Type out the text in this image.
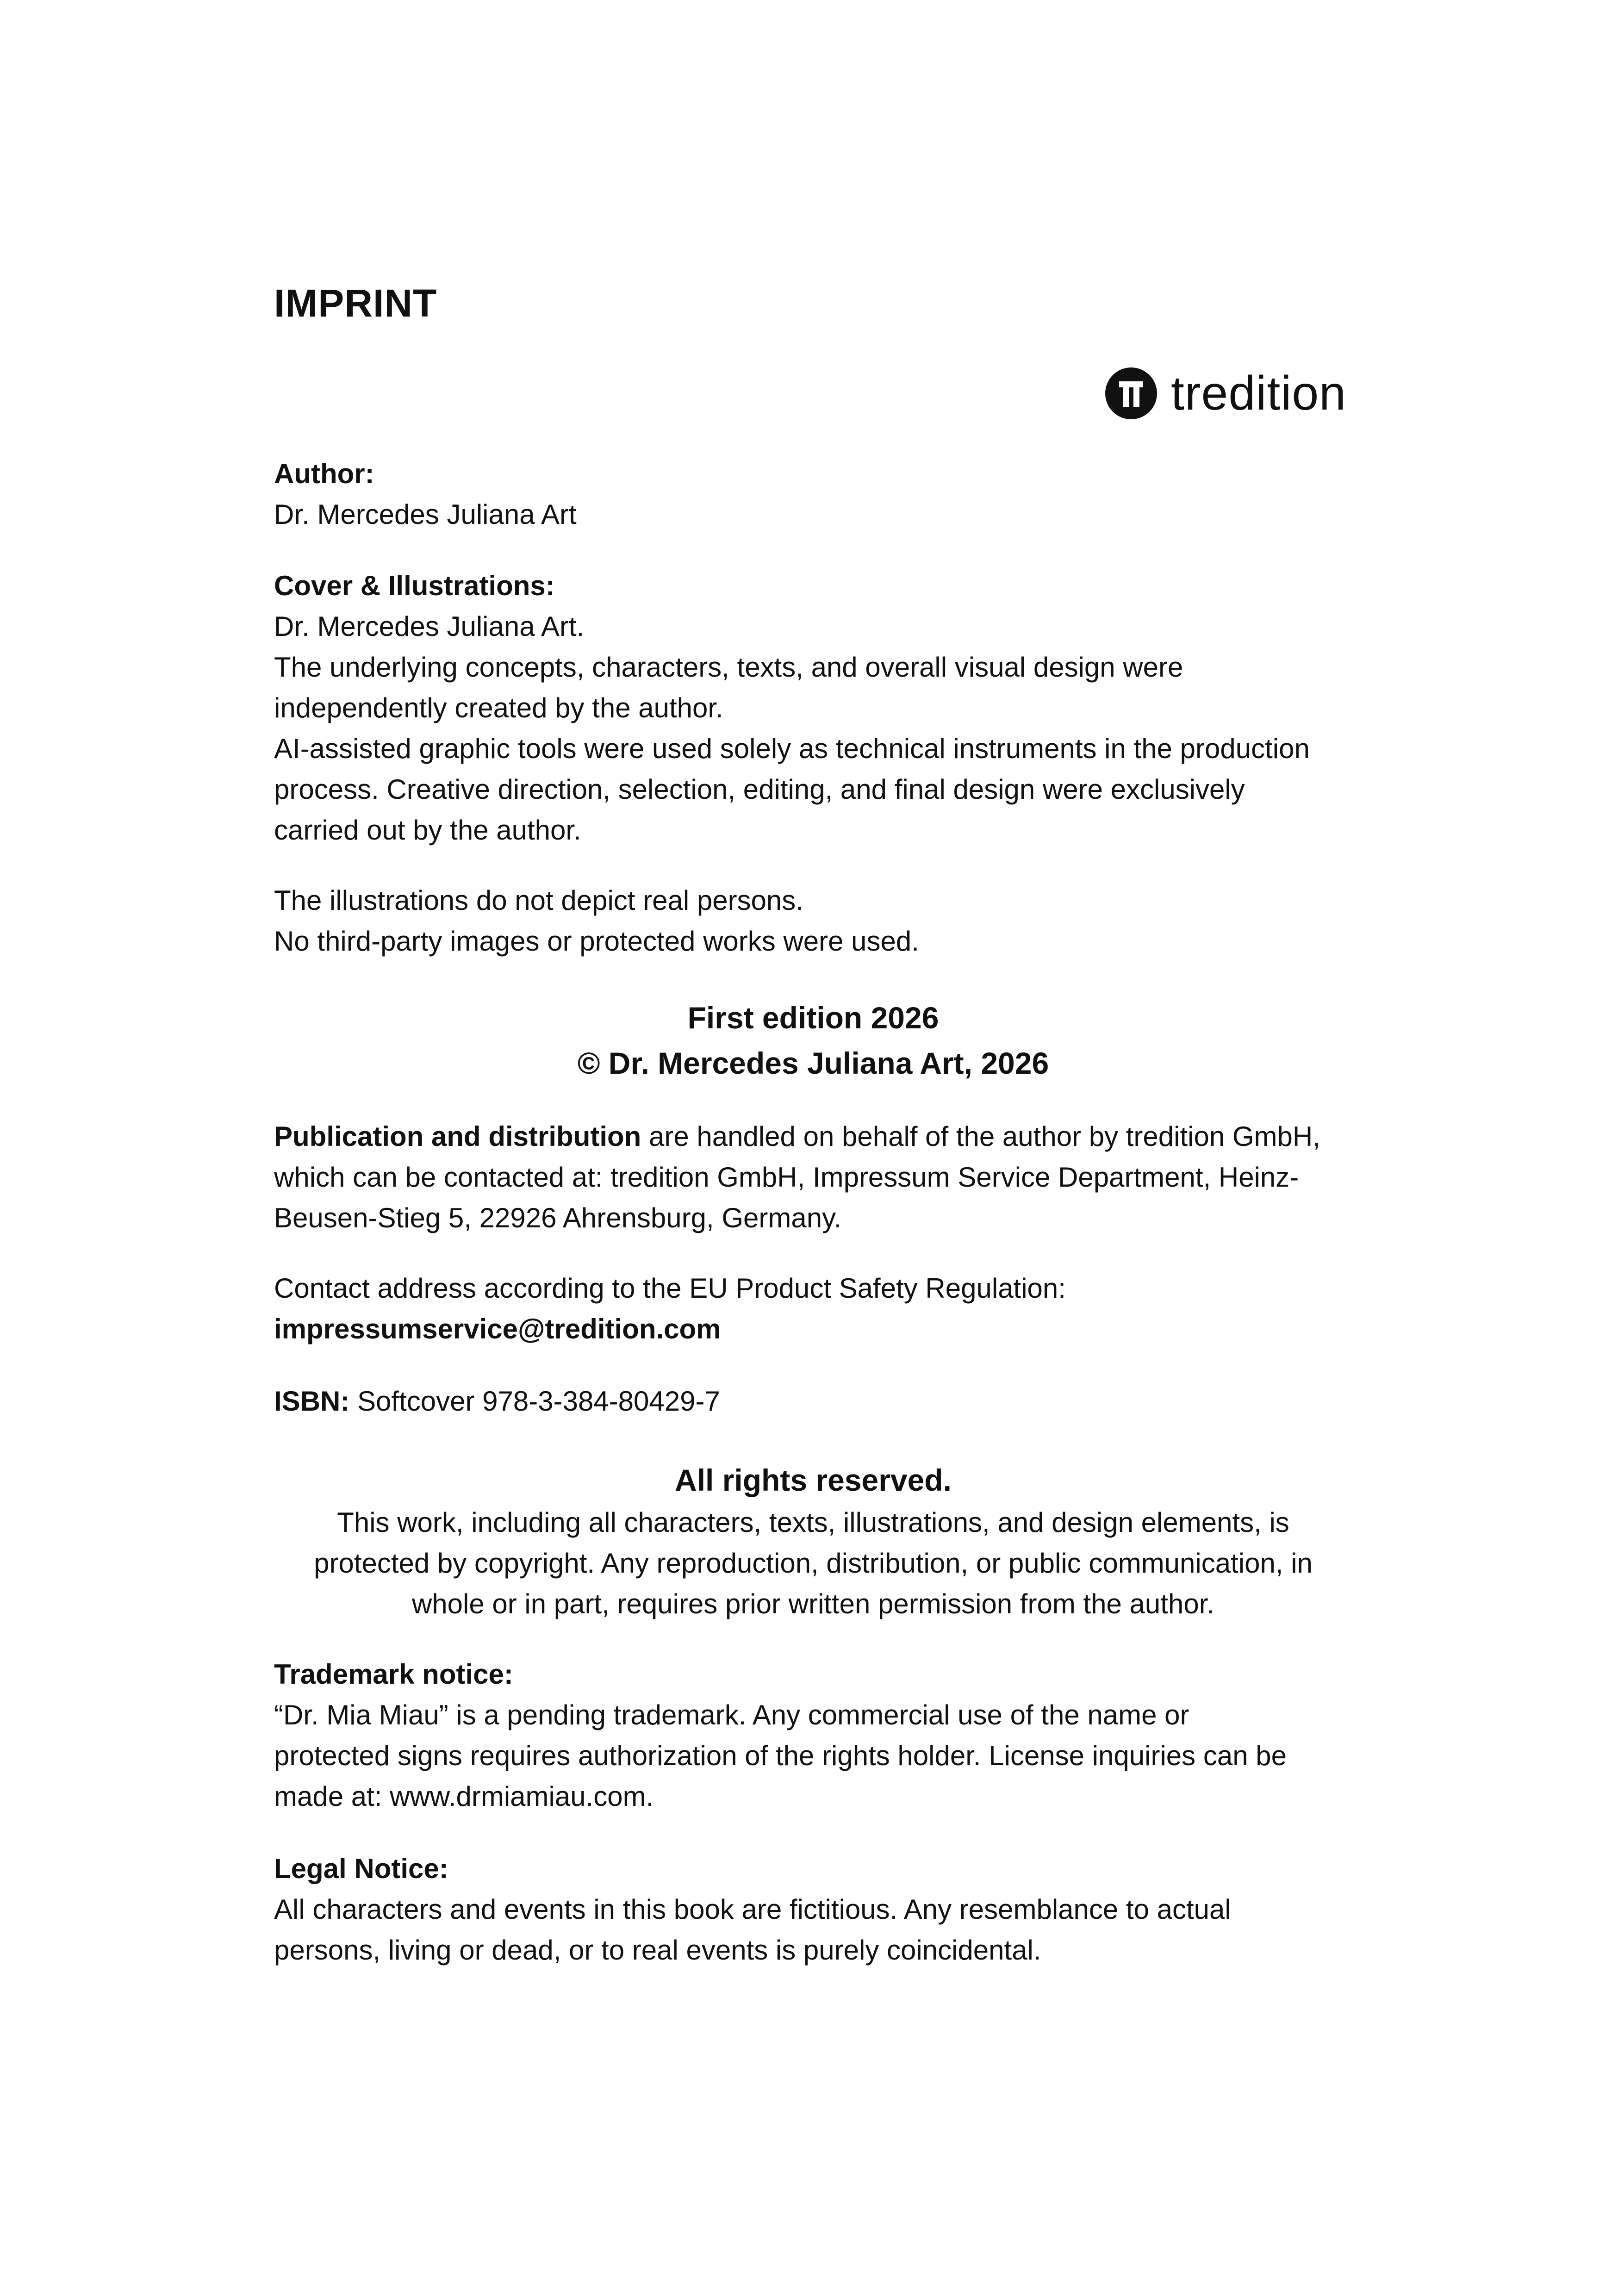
IMPRINT
tredition

Author:

Dr. Mercedes Juliana Art

Cover & Illustrations:

Dr. Mercedes Juliana Art.

The underlying concepts, characters, texts, and overall visual design were

independently created by the author.

AI-assisted graphic tools were used solely as technical instruments in the production

process. Creative direction, selection, editing, and final design were exclusively

carried out by the author.

The illustrations do not depict real persons.

No third-party images or protected works were used.

First edition 2026

© Dr. Mercedes Juliana Art, 2026

Publication and distribution are handled on behalf of the author by tredition GmbH,

which can be contacted at: tredition GmbH, Impressum Service Department, Heinz-

Beusen-Stieg 5, 22926 Ahrensburg, Germany.

Contact address according to the EU Product Safety Regulation:

impressumservice@tredition.com

ISBN: Softcover 978-3-384-80429-7

All rights reserved.

This work, including all characters, texts, illustrations, and design elements, is

protected by copyright. Any reproduction, distribution, or public communication, in

whole or in part, requires prior written permission from the author.

Trademark notice:

“Dr. Mia Miau” is a pending trademark. Any commercial use of the name or

protected signs requires authorization of the rights holder. License inquiries can be

made at: www.drmiamiau.com.

Legal Notice:

All characters and events in this book are fictitious. Any resemblance to actual

persons, living or dead, or to real events is purely coincidental.
